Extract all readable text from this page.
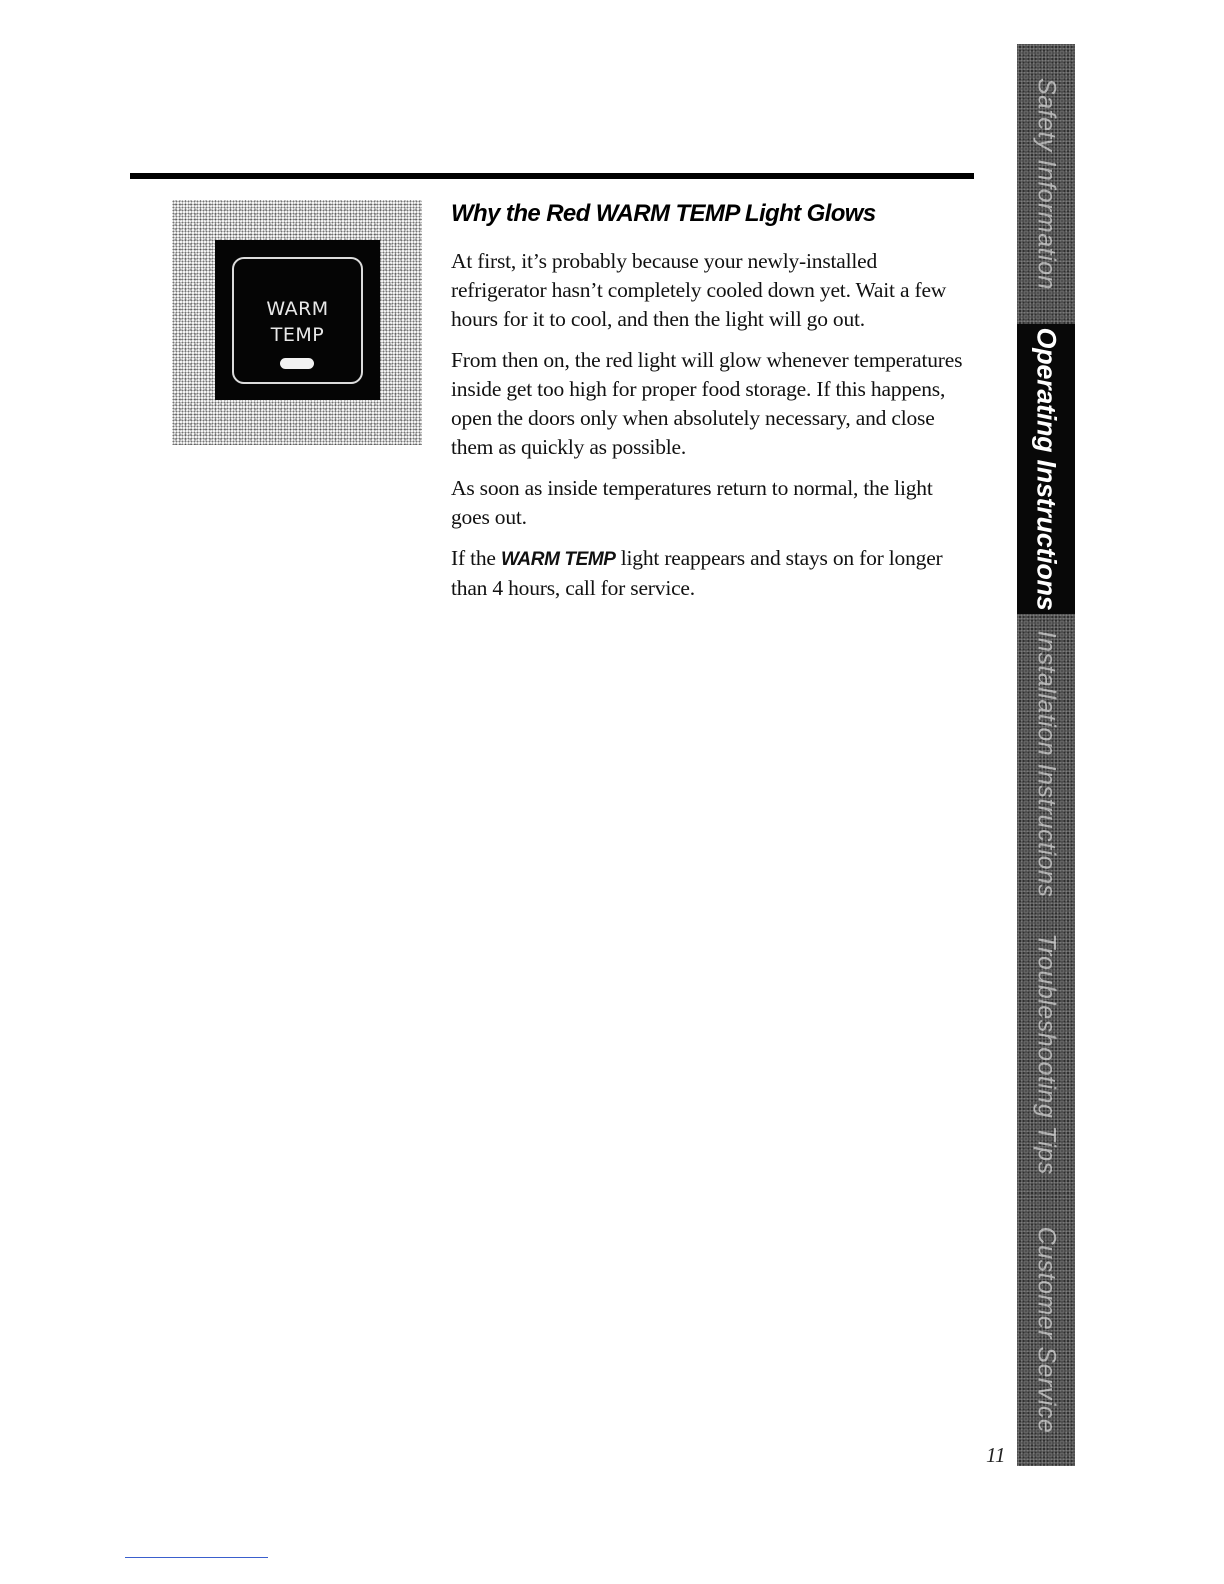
WARM
TEMP
Why the Red WARM TEMP Light Glows

At first, it’s probably because your newly-installed refrigerator hasn’t completely cooled down yet. Wait a few hours for it to cool, and then the light will go out.

From then on, the red light will glow whenever temperatures inside get too high for proper food storage. If this happens, open the doors only when absolutely necessary, and close them as quickly as possible.

As soon as inside temperatures return to normal, the light goes out.

If the WARM TEMP light reappears and stays on for longer than 4 hours, call for service.

Safety Information
Operating Instructions
Installation Instructions
Troubleshooting Tips
Customer Service
11
